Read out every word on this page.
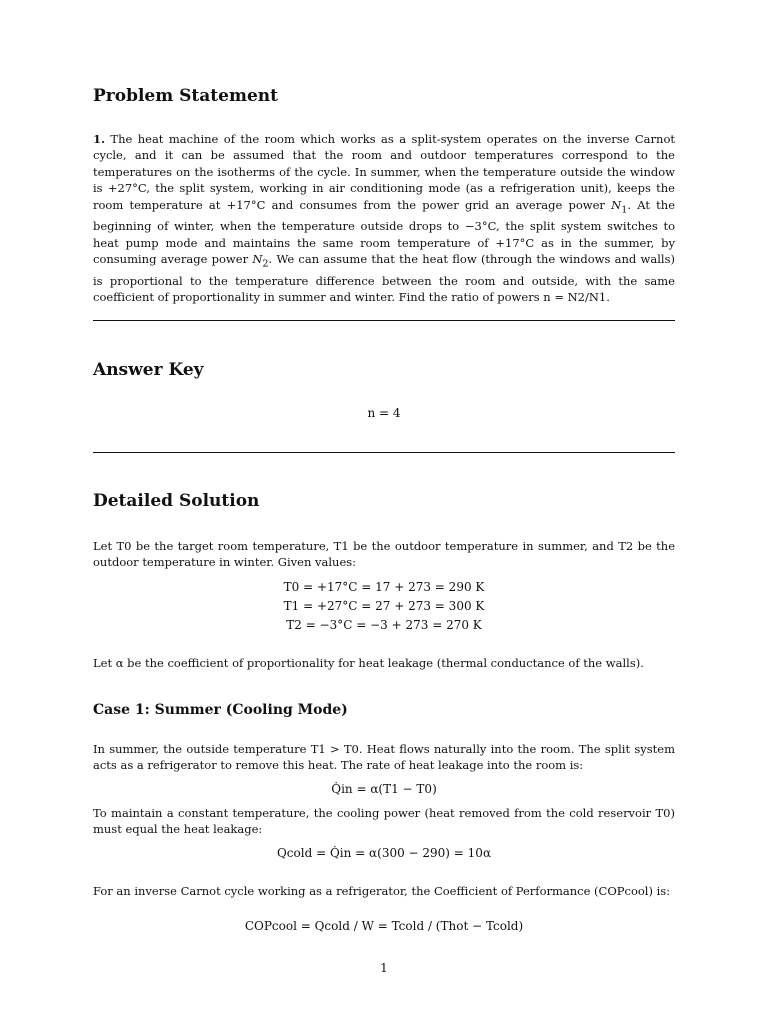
Problem Statement

1. The heat machine of the room which works as a split-system operates on the inverse Carnot cycle, and it can be assumed that the room and outdoor temperatures correspond to the temperatures on the isotherms of the cycle. In summer, when the temperature outside the window is +27°C, the split system, working in air conditioning mode (as a refrigeration unit), keeps the room temperature at +17°C and consumes from the power grid an average power $N_1$. At the beginning of winter, when the temperature outside drops to −3°C, the split system switches to heat pump mode and maintains the same room temperature of +17°C as in the summer, by consuming average power $N_2$. We can assume that the heat flow (through the windows and walls) is proportional to the temperature difference between the room and outside, with the same coefficient of proportionality in summer and winter. Find the ratio of powers n = N2/N1.

Answer Key

n = 4

Detailed Solution

Let T0 be the target room temperature, T1 be the outdoor temperature in summer, and T2 be the outdoor temperature in winter. Given values:

T0 = +17°C = 17 + 273 = 290 K
T1 = +27°C = 27 + 273 = 300 K
T2 = −3°C = −3 + 273 = 270 K

Let α be the coefficient of proportionality for heat leakage (thermal conductance of the walls).

Case 1: Summer (Cooling Mode)

In summer, the outside temperature T1 > T0. Heat flows naturally into the room. The split system acts as a refrigerator to remove this heat. The rate of heat leakage into the room is:

Q̇in = α(T1 − T0)

To maintain a constant temperature, the cooling power (heat removed from the cold reservoir T0) must equal the heat leakage:

Qcold = Q̇in = α(300 − 290) = 10α

For an inverse Carnot cycle working as a refrigerator, the Coefficient of Performance (COPcool) is:

COPcool = Qcold / W = Tcold / (Thot − Tcold)

1
